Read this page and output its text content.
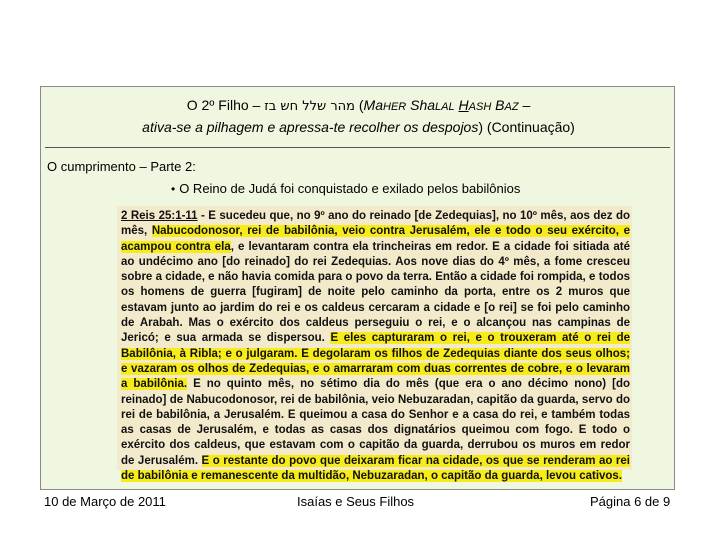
O 2º Filho – מהר שלל חש בז (MaHER ShaLAL HASH BAZ –
ativa-se a pilhagem e apressa-te recolher os despojos) (Continuação)
O cumprimento – Parte 2:
• O Reino de Judá foi conquistado e exilado pelos babilônios
2 Reis 25:1-11 - E sucedeu que, no 9º ano do reinado [de Zedequias], no 10º mês, aos dez do mês, Nabucodonosor, rei de babilônia, veio contra Jerusalém, ele e todo o seu exército, e acampou contra ela, e levantaram contra ela trincheiras em redor. E a cidade foi sitiada até ao undécimo ano [do reinado] do rei Zedequias. Aos nove dias do 4º mês, a fome cresceu sobre a cidade, e não havia comida para o povo da terra. Então a cidade foi rompida, e todos os homens de guerra [fugiram] de noite pelo caminho da porta, entre os 2 muros que estavam junto ao jardim do rei e os caldeus cercaram a cidade e [o rei] se foi pelo caminho de Arabah. Mas o exército dos caldeus perseguiu o rei, e o alcançou nas campinas de Jericó; e sua armada se dispersou. E eles capturaram o rei, e o trouxeram até o rei de Babilônia, à Ribla; e o julgaram. E degolaram os filhos de Zedequias diante dos seus olhos; e vazaram os olhos de Zedequias, e o amarraram com duas correntes de cobre, e o levaram a babilônia. E no quinto mês, no sétimo dia do mês (que era o ano décimo nono) [do reinado] de Nabucodonosor, rei de babilônia, veio Nebuzaradan, capitão da guarda, servo do rei de babilônia, a Jerusalém. E queimou a casa do Senhor e a casa do rei, e também todas as casas de Jerusalém, e todas as casas dos dignatários queimou com fogo. E todo o exército dos caldeus, que estavam com o capitão da guarda, derrubou os muros em redor de Jerusalém. E o restante do povo que deixaram ficar na cidade, os que se renderam ao rei de babilônia e remanescente da multidão, Nebuzaradan, o capitão da guarda, levou cativos.
10 de Março de 2011	Isaías e Seus Filhos	Página 6 de 9
